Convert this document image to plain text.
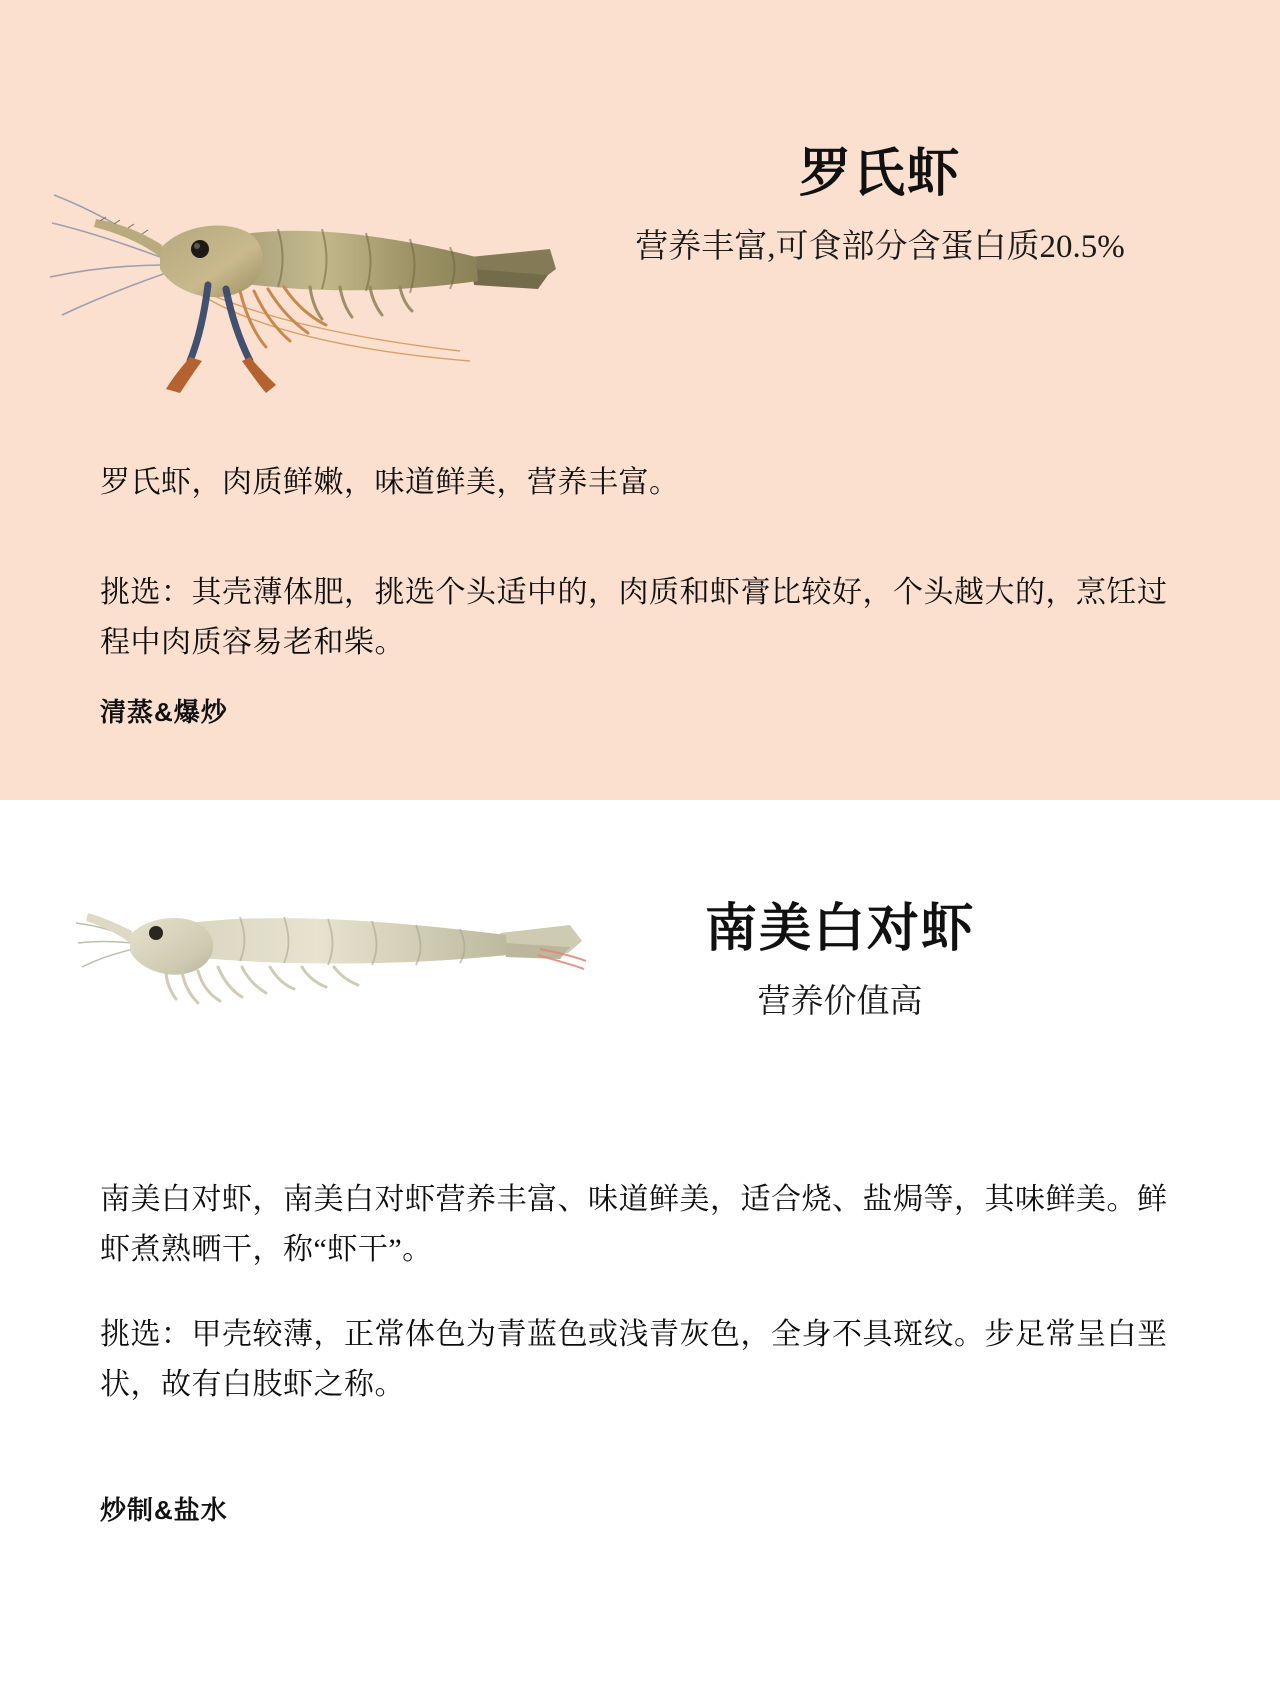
罗氏虾
营养丰富,可食部分含蛋白质20.5%
罗氏虾，肉质鲜嫩，味道鲜美，营养丰富。
挑选：其壳薄体肥，挑选个头适中的，肉质和虾膏比较好，个头越大的，烹饪过程中肉质容易老和柴。
清蒸&爆炒
南美白对虾
营养价值高
南美白对虾，南美白对虾营养丰富、味道鲜美，适合烧、盐焗等，其味鲜美。鲜虾煮熟晒干，称“虾干”。
挑选：甲壳较薄，正常体色为青蓝色或浅青灰色，全身不具斑纹。步足常呈白垩状，故有白肢虾之称。
炒制&盐水
